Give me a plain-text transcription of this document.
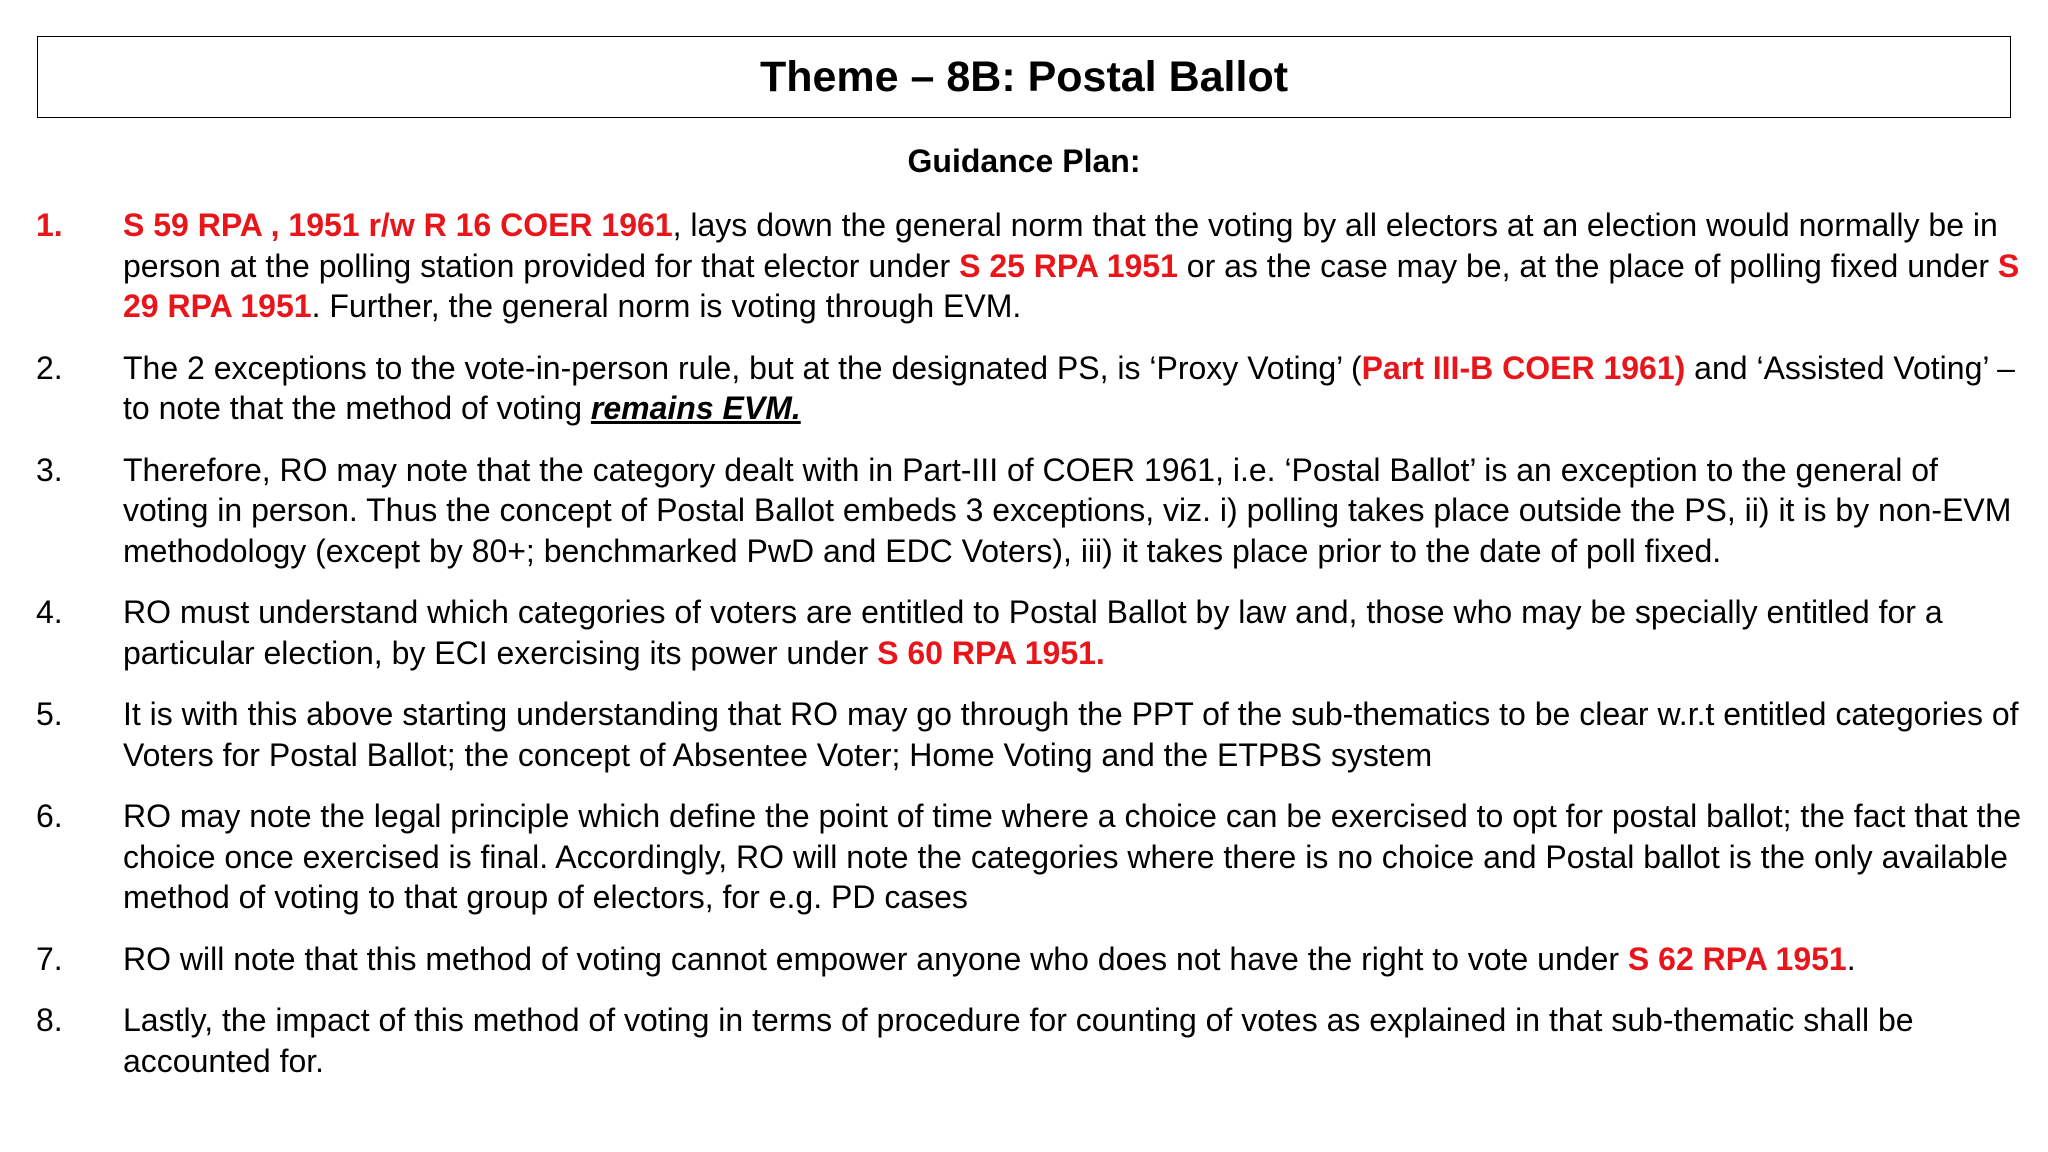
Theme – 8B: Postal Ballot
Guidance Plan:
1. S 59 RPA , 1951 r/w R 16 COER 1961, lays down the general norm that the voting by all electors at an election would normally be in person at the polling station provided for that elector under S 25 RPA 1951 or as the case may be, at the place of polling fixed under S 29 RPA 1951. Further, the general norm is voting through EVM.
2. The 2 exceptions to the vote-in-person rule, but at the designated PS, is ‘Proxy Voting’ (Part III-B COER 1961) and ‘Assisted Voting’ – to note that the method of voting remains EVM.
3. Therefore, RO may note that the category dealt with in Part-III of COER 1961, i.e. ‘Postal Ballot’ is an exception to the general of voting in person. Thus the concept of Postal Ballot embeds 3 exceptions, viz. i) polling takes place outside the PS, ii) it is by non-EVM methodology (except by 80+; benchmarked PwD and EDC Voters), iii) it takes place prior to the date of poll fixed.
4. RO must understand which categories of voters are entitled to Postal Ballot by law and, those who may be specially entitled for a particular election, by ECI exercising its power under S 60 RPA 1951.
5. It is with this above starting understanding that RO may go through the PPT of the sub-thematics to be clear w.r.t entitled categories of Voters for Postal Ballot; the concept of Absentee Voter; Home Voting and the ETPBS system
6. RO may note the legal principle which define the point of time where a choice can be exercised to opt for postal ballot; the fact that the choice once exercised is final. Accordingly, RO will note the categories where there is no choice and Postal ballot is the only available method of voting to that group of electors, for e.g. PD cases
7. RO will note that this method of voting cannot empower anyone who does not have the right to vote under S 62 RPA 1951.
8. Lastly, the impact of this method of voting in terms of procedure for counting of votes as explained in that sub-thematic shall be accounted for.
